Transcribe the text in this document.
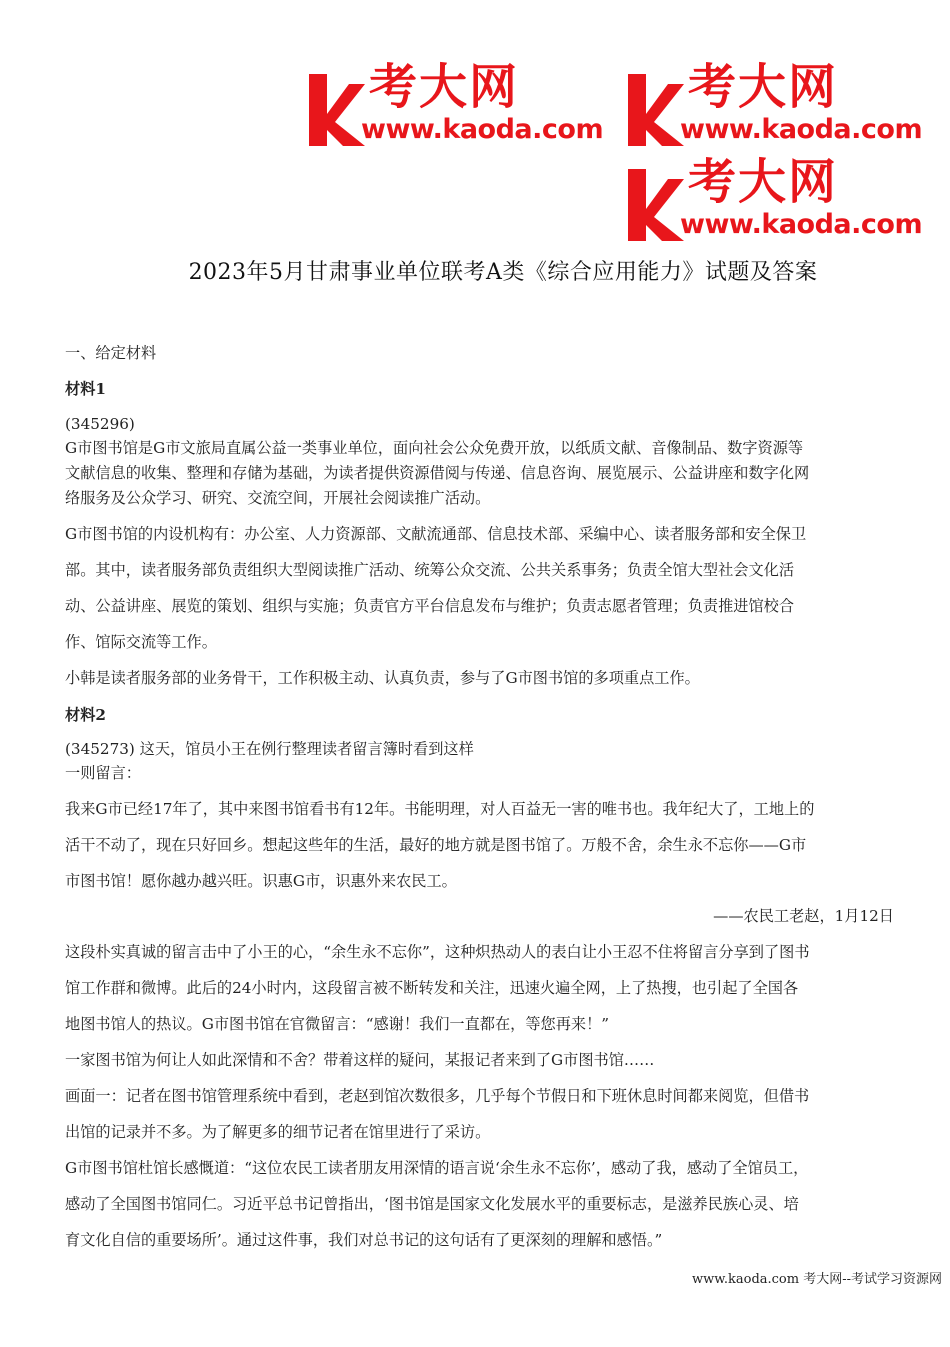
考大网
www.kaoda.com
考大网
www.kaoda.com
考大网
www.kaoda.com
2023年5月甘肃事业单位联考A类《综合应用能力》试题及答案
一、给定材料
材料1
(345296)
G市图书馆是G市文旅局直属公益一类事业单位，面向社会公众免费开放，以纸质文献、音像制品、数字资源等
文献信息的收集、整理和存储为基础，为读者提供资源借阅与传递、信息咨询、展览展示、公益讲座和数字化网
络服务及公众学习、研究、交流空间，开展社会阅读推广活动。
G市图书馆的内设机构有：办公室、人力资源部、文献流通部、信息技术部、采编中心、读者服务部和安全保卫
部。其中，读者服务部负责组织大型阅读推广活动、统筹公众交流、公共关系事务；负责全馆大型社会文化活
动、公益讲座、展览的策划、组织与实施；负责官方平台信息发布与维护；负责志愿者管理；负责推进馆校合
作、馆际交流等工作。
小韩是读者服务部的业务骨干，工作积极主动、认真负责，参与了G市图书馆的多项重点工作。
材料2
(345273) 这天，馆员小王在例行整理读者留言簿时看到这样
一则留言：
我来G市已经17年了，其中来图书馆看书有12年。书能明理，对人百益无一害的唯书也。我年纪大了，工地上的
活干不动了，现在只好回乡。想起这些年的生活，最好的地方就是图书馆了。万般不舍，余生永不忘你——G市
市图书馆！愿你越办越兴旺。识惠G市，识惠外来农民工。
——农民工老赵，1月12日
这段朴实真诚的留言击中了小王的心，“余生永不忘你”，这种炽热动人的表白让小王忍不住将留言分享到了图书
馆工作群和微博。此后的24小时内，这段留言被不断转发和关注，迅速火遍全网，上了热搜，也引起了全国各
地图书馆人的热议。G市图书馆在官微留言：“感谢！我们一直都在，等您再来！”
一家图书馆为何让人如此深情和不舍？带着这样的疑问，某报记者来到了G市图书馆……
画面一：记者在图书馆管理系统中看到，老赵到馆次数很多，几乎每个节假日和下班休息时间都来阅览，但借书
出馆的记录并不多。为了解更多的细节记者在馆里进行了采访。
G市图书馆杜馆长感慨道：“这位农民工读者朋友用深情的语言说‘余生永不忘你’，感动了我，感动了全馆员工，
感动了全国图书馆同仁。习近平总书记曾指出，‘图书馆是国家文化发展水平的重要标志，是滋养民族心灵、培
育文化自信的重要场所’。通过这件事，我们对总书记的这句话有了更深刻的理解和感悟。”
www.kaoda.com 考大网--考试学习资源网
